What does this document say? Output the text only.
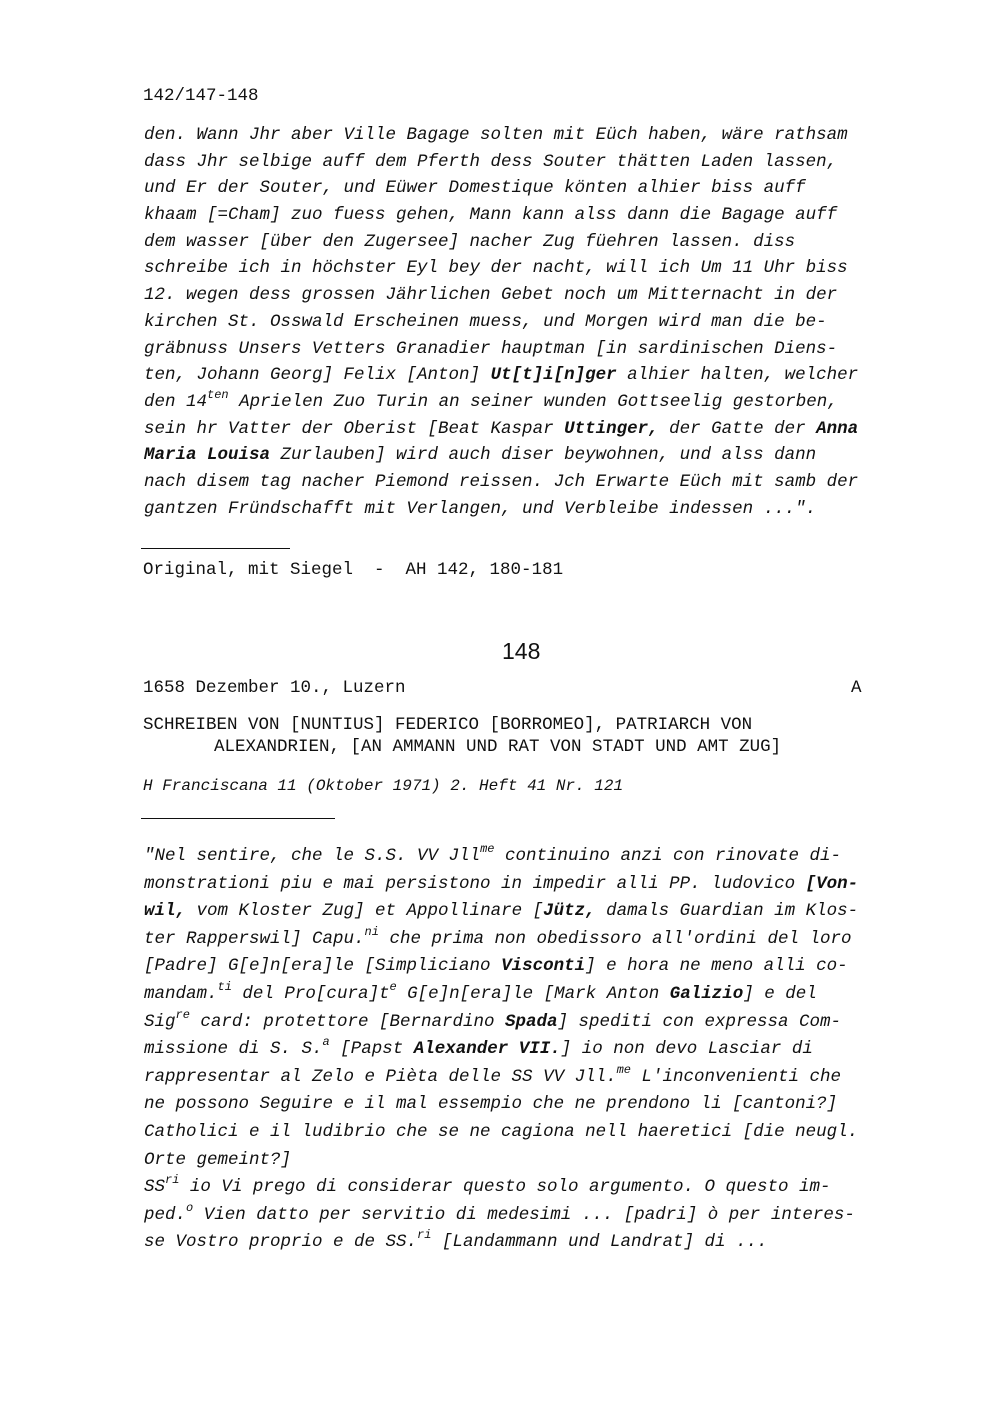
142/147-148
den. Wann Jhr aber Ville Bagage solten mit Eüch haben, wäre rathsam
dass Jhr selbige auff dem Pferth dess Souter thätten Laden lassen,
und Er der Souter, und Eüwer Domestique könten alhier biss auff
khaam [=Cham] zuo fuess gehen, Mann kann alss dann die Bagage auff
dem wasser [über den Zugersee] nacher Zug füehren lassen. diss
schreibe ich in höchster Eyl bey der nacht, will ich Um 11 Uhr biss
12. wegen dess grossen Jährlichen Gebet noch um Mitternacht in der
kirchen St. Osswald Erscheinen muess, und Morgen wird man die be-
gräbnuss Unsers Vetters Granadier hauptman [in sardinischen Diens-
ten, Johann Georg] Felix [Anton] Ut[t]i[n]ger alhier halten, welcher
den $14^{ten}$ Aprielen Zuo Turin an seiner wunden Gottseelig gestorben,
sein hr Vatter der Oberist [Beat Kaspar Uttinger, der Gatte der Anna
Maria Louisa Zurlauben] wird auch diser beywohnen, und alss dann
nach disem tag nacher Piemond reissen. Jch Erwarte Eüch mit samb der
gantzen Fründschafft mit Verlangen, und Verbleibe indessen ...".
Original, mit Siegel  -  AH 142, 180-181
148
1658 Dezember 10., Luzern	A
SCHREIBEN VON [NUNTIUS] FEDERICO [BORROMEO], PATRIARCH VON
ALEXANDRIEN, [AN AMMANN UND RAT VON STADT UND AMT ZUG]
H Franciscana 11 (Oktober 1971) 2. Heft 41 Nr. 121
"Nel sentire, che le S.S. VV Jll$^{me}$ continuino anzi con rinovate di-
monstrationi piu e mai persistono in impedir alli PP. ludovico [Von-
wil, vom Kloster Zug] et Appollinare [Jütz, damals Guardian im Klos-
ter Rapperswil] Capu.$^{ni}$ che prima non obedissoro all'ordini del loro
[Padre] G[e]n[era]le [Simpliciano Visconti] e hora ne meno alli co-
mandam.$^{ti}$ del $Pro[cura]t^e$ G[e]n[era]le [Mark Anton Galizio] e del
Sig$^{re}$ card: protettore [Bernardino Spada] spediti con expressa Com-
missione di S. S.$^a$ [Papst Alexander VII.] io non devo Lasciar di
rappresentar al Zelo e Pièta delle SS VV Jll.$^{me}$ L'inconvenienti che
ne possono Seguire e il mal essempio che ne prendono li [cantoni?]
Catholici e il ludibrio che se ne cagiona nell haeretici [die neugl.
Orte gemeint?]
$SS^{ri}$ io Vi prego di considerar questo solo argumento. O questo im-
ped.$^o$ Vien datto per servitio di medesimi ... [padri] ò per interes-
se Vostro proprio e de SS.$^{ri}$ [Landammann und Landrat] di ...
